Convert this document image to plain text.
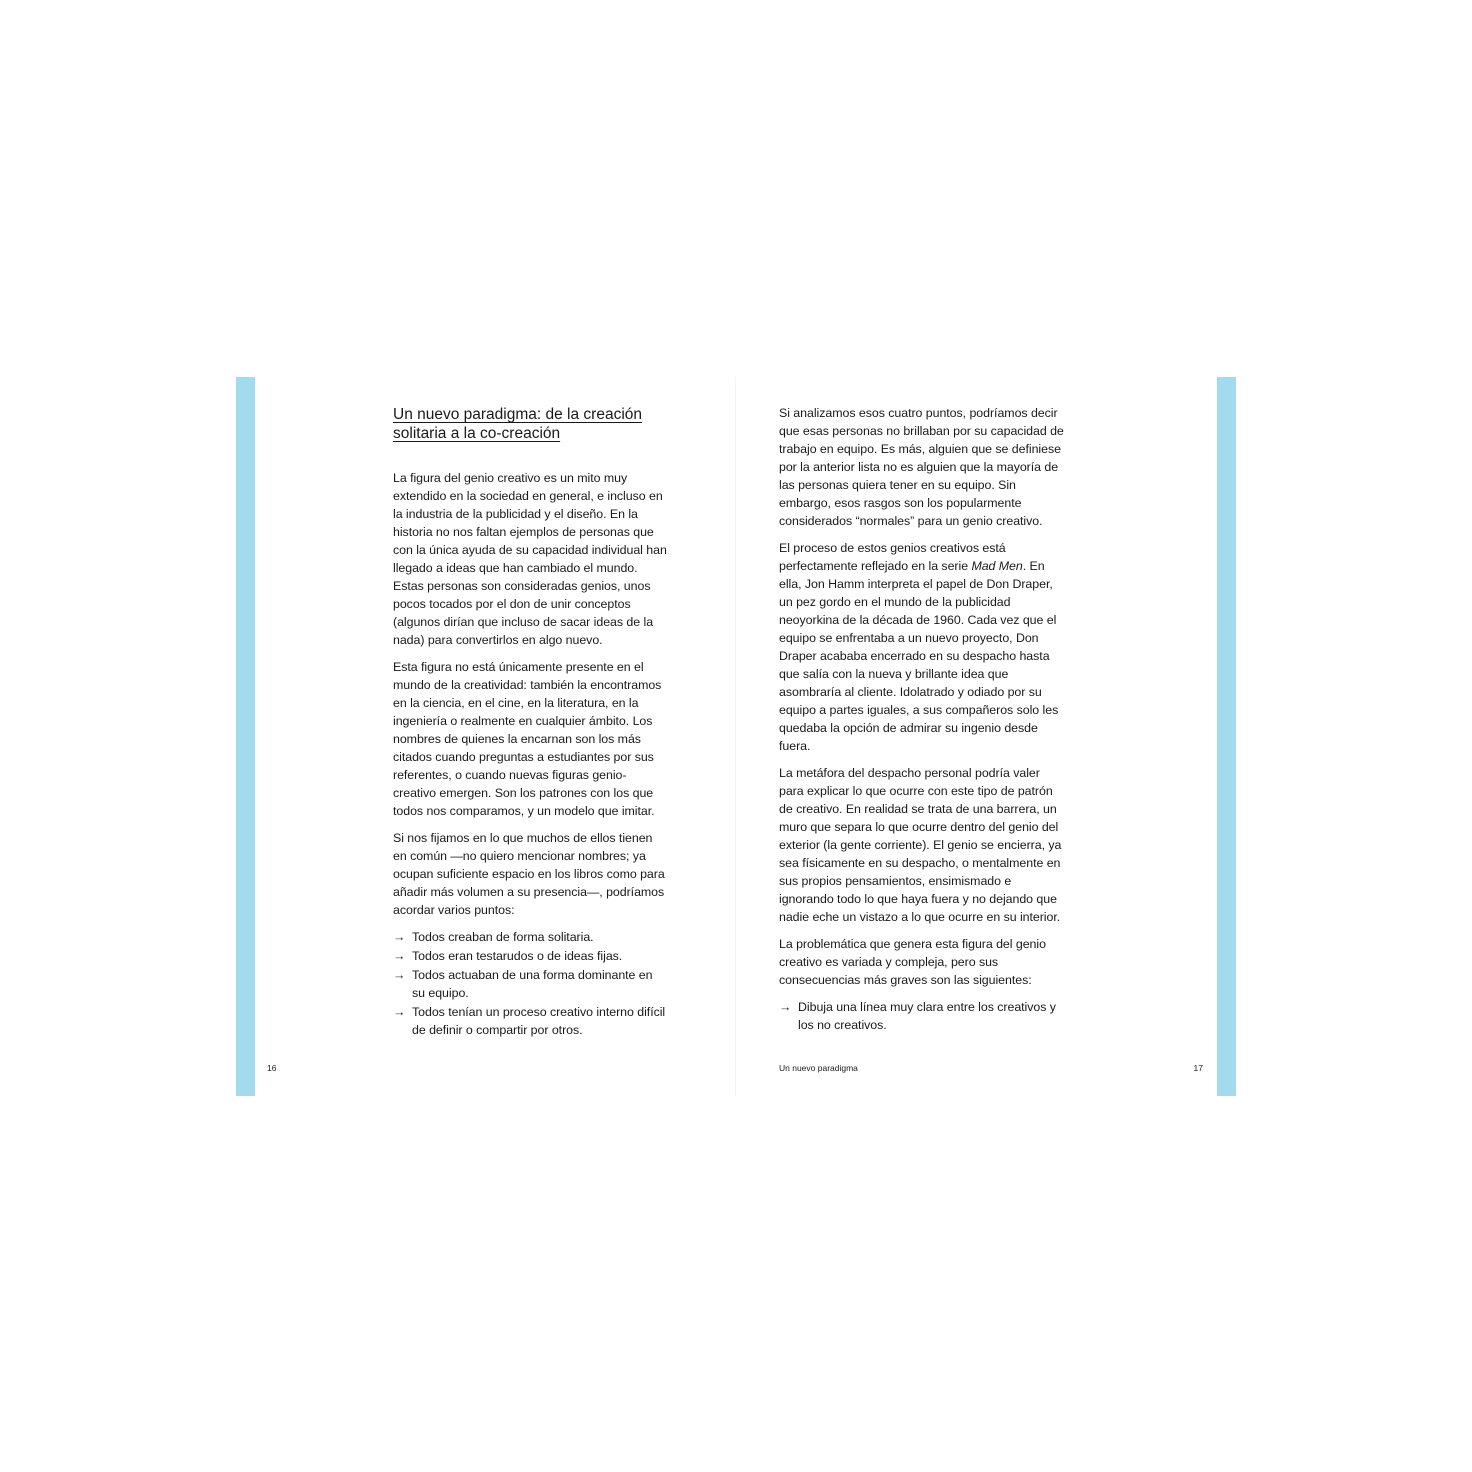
Un nuevo paradigma: de la creación solitaria a la co-creación

La figura del genio creativo es un mito muy extendido en la sociedad en general, e incluso en la industria de la publicidad y el diseño. En la historia no nos faltan ejemplos de personas que con la única ayuda de su capacidad individual han llegado a ideas que han cambiado el mundo. Estas personas son consideradas genios, unos pocos tocados por el don de unir conceptos (algunos dirían que incluso de sacar ideas de la nada) para convertirlos en algo nuevo.

Esta figura no está únicamente presente en el mundo de la creatividad: también la encontramos en la ciencia, en el cine, en la literatura, en la ingeniería o realmente en cualquier ámbito. Los nombres de quienes la encarnan son los más citados cuando preguntas a estudiantes por sus referentes, o cuando nuevas figuras genio-creativo emergen. Son los patrones con los que todos nos comparamos, y un modelo que imitar.

Si nos fijamos en lo que muchos de ellos tienen en común —no quiero mencionar nombres; ya ocupan suficiente espacio en los libros como para añadir más volumen a su presencia—, podríamos acordar varios puntos:

→ Todos creaban de forma solitaria.
→ Todos eran testarudos o de ideas fijas.
→ Todos actuaban de una forma dominante en su equipo.
→ Todos tenían un proceso creativo interno difícil de definir o compartir por otros.
16

Si analizamos esos cuatro puntos, podríamos decir que esas personas no brillaban por su capacidad de trabajo en equipo. Es más, alguien que se definiese por la anterior lista no es alguien que la mayoría de las personas quiera tener en su equipo. Sin embargo, esos rasgos son los popularmente considerados “normales” para un genio creativo.

El proceso de estos genios creativos está perfectamente reflejado en la serie Mad Men. En ella, Jon Hamm interpreta el papel de Don Draper, un pez gordo en el mundo de la publicidad neoyorkina de la década de 1960. Cada vez que el equipo se enfrentaba a un nuevo proyecto, Don Draper acababa encerrado en su despacho hasta que salía con la nueva y brillante idea que asombraría al cliente. Idolatrado y odiado por su equipo a partes iguales, a sus compañeros solo les quedaba la opción de admirar su ingenio desde fuera.

La metáfora del despacho personal podría valer para explicar lo que ocurre con este tipo de patrón de creativo. En realidad se trata de una barrera, un muro que separa lo que ocurre dentro del genio del exterior (la gente corriente). El genio se encierra, ya sea físicamente en su despacho, o mentalmente en sus propios pensamientos, ensimismado e ignorando todo lo que haya fuera y no dejando que nadie eche un vistazo a lo que ocurre en su interior.

La problemática que genera esta figura del genio creativo es variada y compleja, pero sus consecuencias más graves son las siguientes:

→ Dibuja una línea muy clara entre los creativos y los no creativos.
Un nuevo paradigma	17
